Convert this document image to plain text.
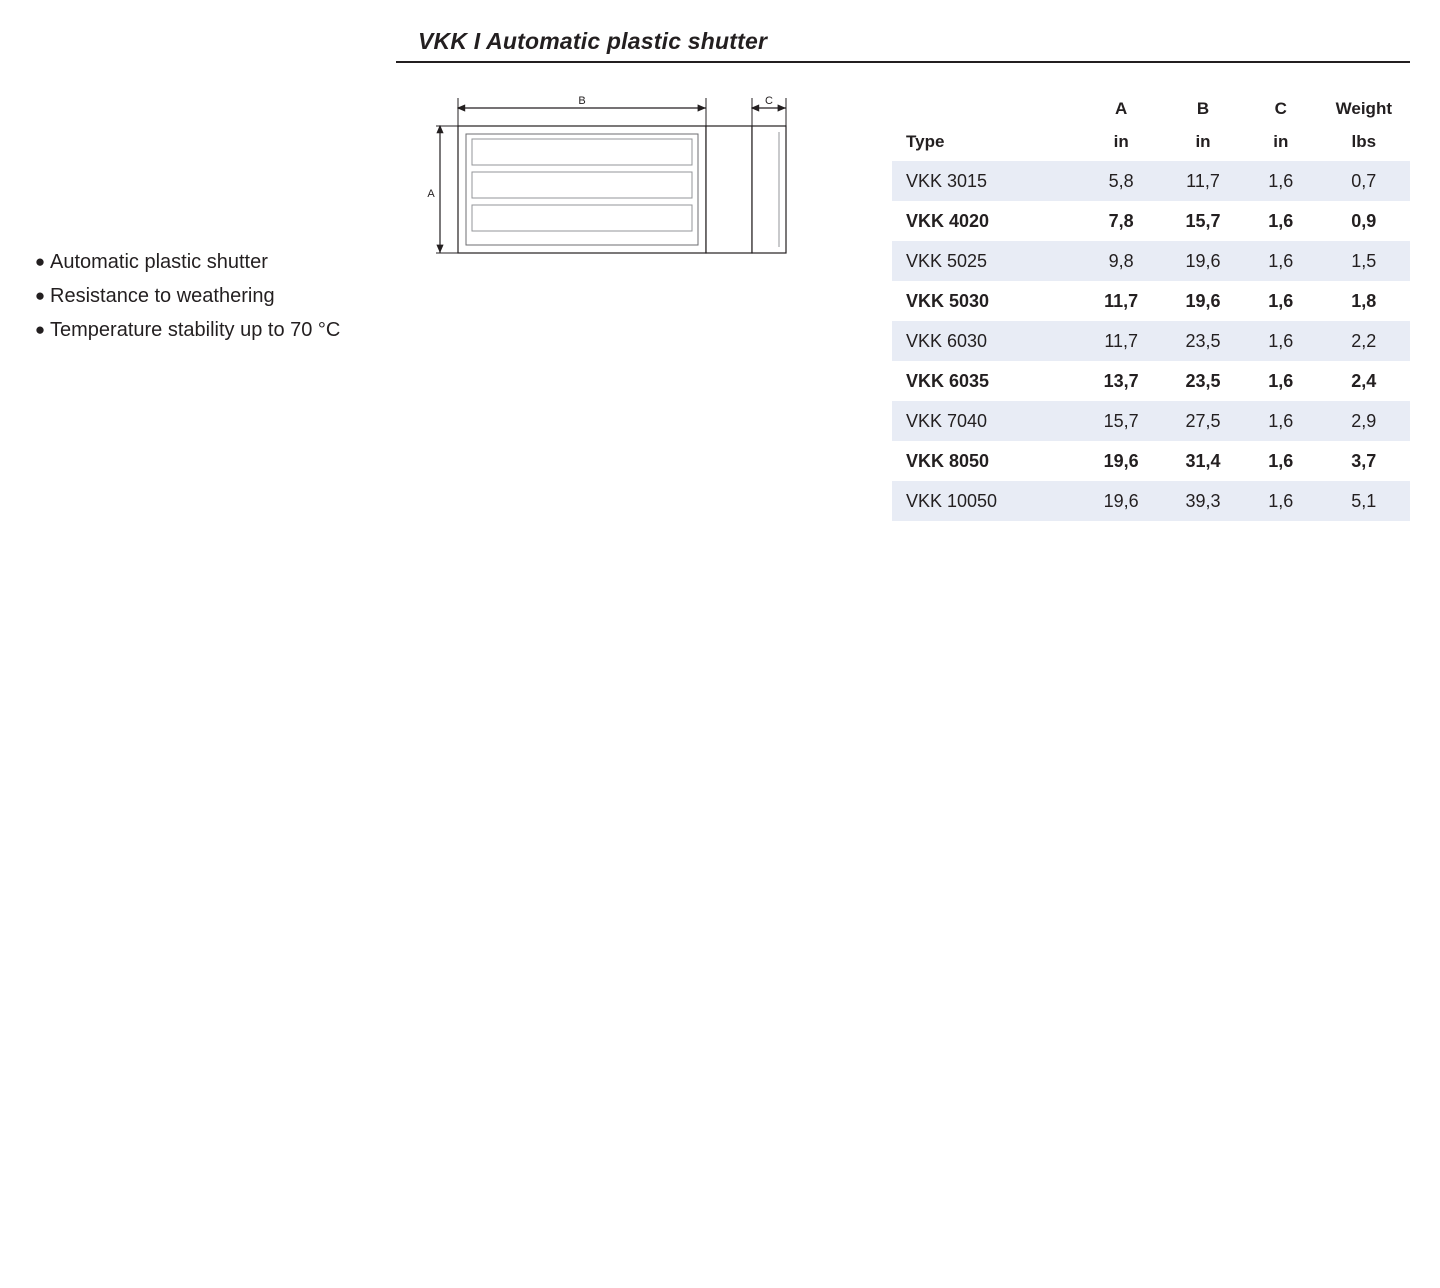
VKK I Automatic plastic shutter
● Automatic plastic shutter
● Resistance to weathering
● Temperature stability up to 70 °C
B	C
A
	A	B	C	Weight
Type	in	in	in	lbs
VKK 3015	5,8	11,7	1,6	0,7
VKK 4020	7,8	15,7	1,6	0,9
VKK 5025	9,8	19,6	1,6	1,5
VKK 5030	11,7	19,6	1,6	1,8
VKK 6030	11,7	23,5	1,6	2,2
VKK 6035	13,7	23,5	1,6	2,4
VKK 7040	15,7	27,5	1,6	2,9
VKK 8050	19,6	31,4	1,6	3,7
VKK 10050	19,6	39,3	1,6	5,1
